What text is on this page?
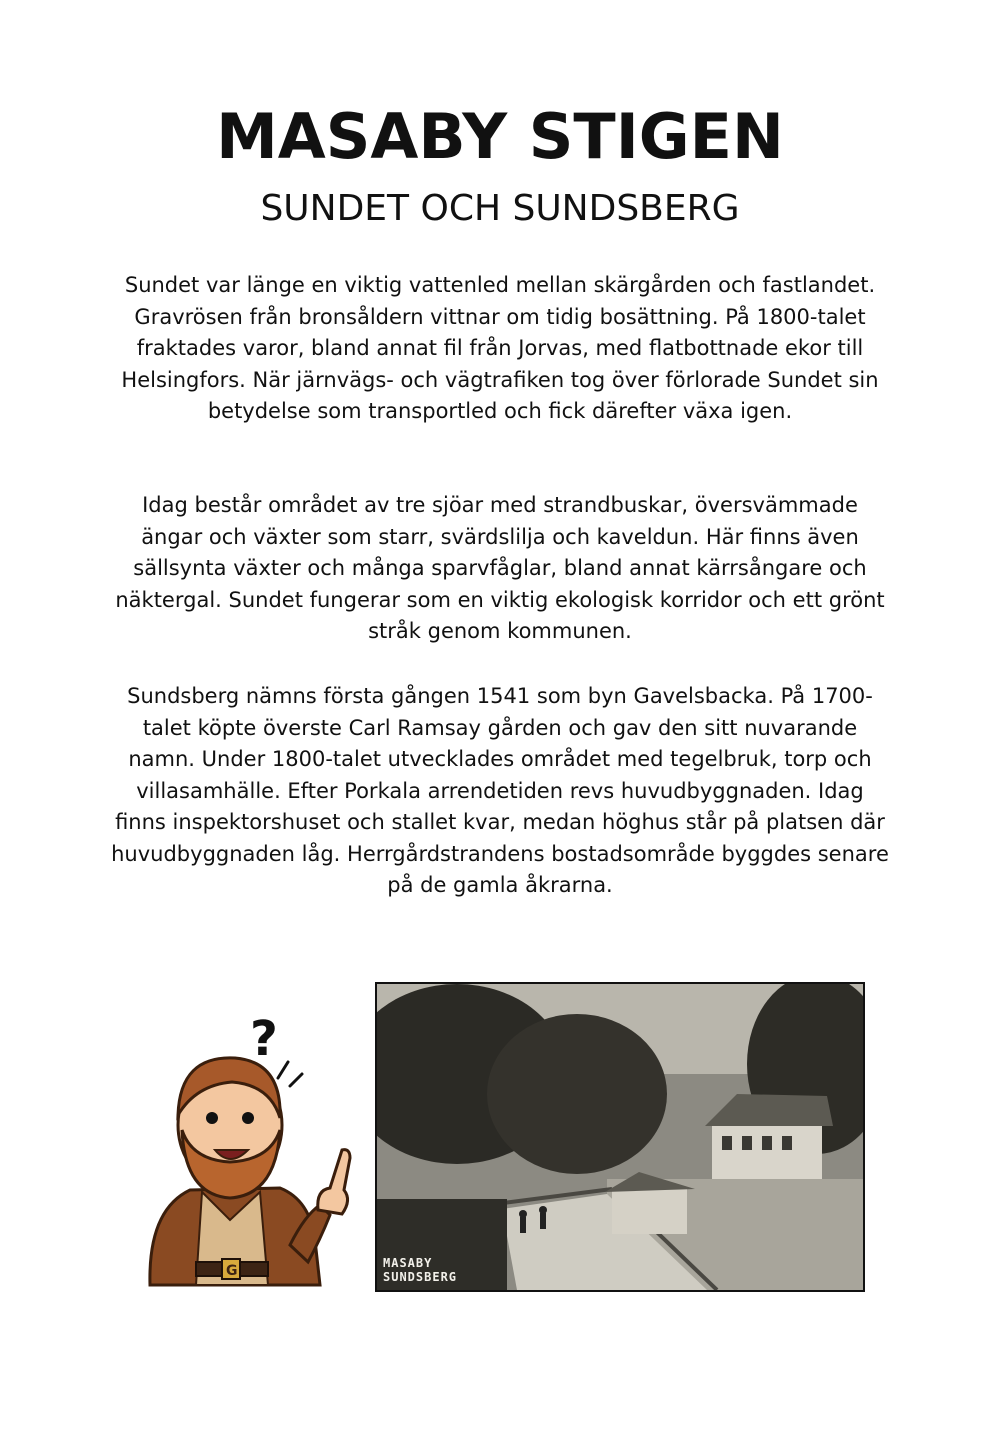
MASABY STIGEN
SUNDET OCH SUNDSBERG

Sundet var länge en viktig vattenled mellan skärgården och fastlandet. Gravrösen från bronsåldern vittnar om tidig bosättning. På 1800-talet fraktades varor, bland annat fil från Jorvas, med flatbottnade ekor till Helsingfors. När järnvägs- och vägtrafiken tog över förlorade Sundet sin betydelse som transportled och fick därefter växa igen.

Idag består området av tre sjöar med strandbuskar, översvämmade ängar och växter som starr, svärdslilja och kaveldun. Här finns även sällsynta växter och många sparvfåglar, bland annat kärrsångare och näktergal. Sundet fungerar som en viktig ekologisk korridor och ett grönt stråk genom kommunen.

Sundsberg nämns första gången 1541 som byn Gavelsbacka. På 1700-talet köpte överste Carl Ramsay gården och gav den sitt nuvarande namn. Under 1800-talet utvecklades området med tegelbruk, torp och villasamhälle. Efter Porkala arrendetiden revs huvudbyggnaden. Idag finns inspektorshuset och stallet kvar, medan höghus står på platsen där huvudbyggnaden låg. Herrgårdstrandens bostadsområde byggdes senare på de gamla åkrarna.

?
G	MASABY
SUNDSBERG
